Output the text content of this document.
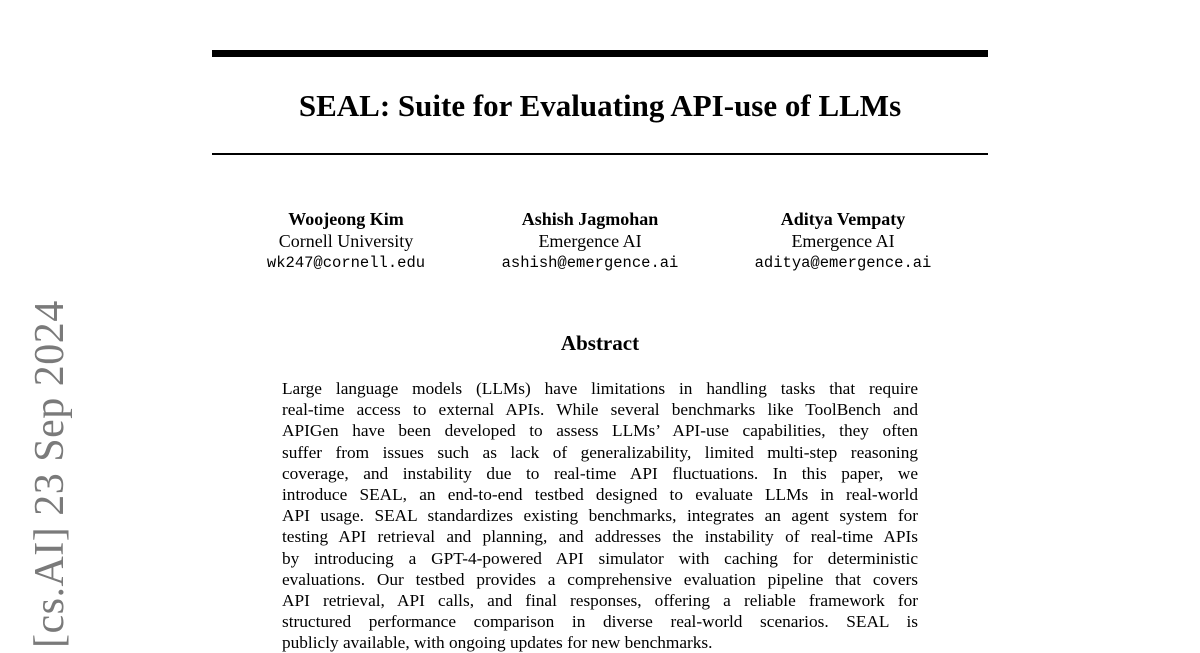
SEAL: Suite for Evaluating API-use of LLMs
Woojeong Kim
Cornell University
wk247@cornell.edu
Ashish Jagmohan
Emergence AI
ashish@emergence.ai
Aditya Vempaty
Emergence AI
aditya@emergence.ai
Abstract
Large language models (LLMs) have limitations in handling tasks that require
real-time access to external APIs. While several benchmarks like ToolBench and
APIGen have been developed to assess LLMs’ API-use capabilities, they often
suffer from issues such as lack of generalizability, limited multi-step reasoning
coverage, and instability due to real-time API fluctuations. In this paper, we
introduce SEAL, an end-to-end testbed designed to evaluate LLMs in real-world
API usage. SEAL standardizes existing benchmarks, integrates an agent system for
testing API retrieval and planning, and addresses the instability of real-time APIs
by introducing a GPT-4-powered API simulator with caching for deterministic
evaluations. Our testbed provides a comprehensive evaluation pipeline that covers
API retrieval, API calls, and final responses, offering a reliable framework for
structured performance comparison in diverse real-world scenarios. SEAL is
publicly available, with ongoing updates for new benchmarks.
[cs.AI] 23 Sep 2024
